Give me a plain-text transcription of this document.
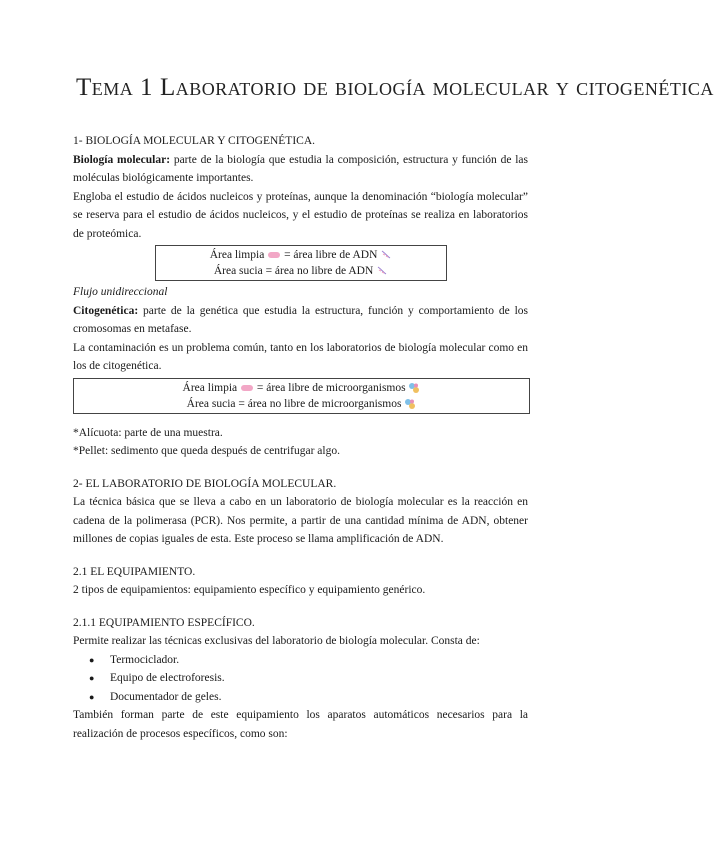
Tema 1 Laboratorio de biología molecular y citogenética

1- BIOLOGÍA MOLECULAR Y CITOGENÉTICA.

Biología molecular: parte de la biología que estudia la composición, estructura y función de las moléculas biológicamente importantes.

Engloba el estudio de ácidos nucleicos y proteínas, aunque la denominación “biología molecular” se reserva para el estudio de ácidos nucleicos, y el estudio de proteínas se realiza en laboratorios de proteómica.

Área limpia  = área libre de ADN
Área sucia = área no libre de ADN

Flujo unidireccional

Citogenética: parte de la genética que estudia la estructura, función y comportamiento de los cromosomas en metafase.

La contaminación es un problema común, tanto en los laboratorios de biología molecular como en los de citogenética.

Área limpia  = área libre de microorganismos
Área sucia = área no libre de microorganismos

*Alícuota: parte de una muestra.

*Pellet: sedimento que queda después de centrifugar algo.

2- EL LABORATORIO DE BIOLOGÍA MOLECULAR.

La técnica básica que se lleva a cabo en un laboratorio de biología molecular es la reacción en cadena de la polimerasa (PCR). Nos permite, a partir de una cantidad mínima de ADN, obtener millones de copias iguales de esta. Este proceso se llama amplificación de ADN.

2.1 EL EQUIPAMIENTO.

2 tipos de equipamientos: equipamiento específico y equipamiento genérico.

2.1.1 EQUIPAMIENTO ESPECÍFICO.

Permite realizar las técnicas exclusivas del laboratorio de biología molecular. Consta de:

● Termociclador.
● Equipo de electroforesis.
● Documentador de geles.

También forman parte de este equipamiento los aparatos automáticos necesarios para la realización de procesos específicos, como son:
